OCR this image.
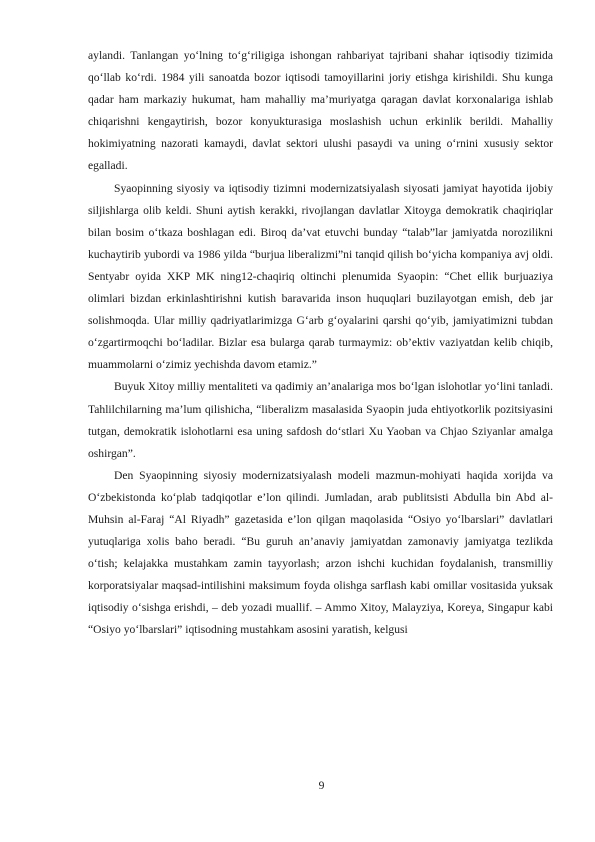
aylandi. Tanlangan yo‘lning to‘g‘riligiga ishongan rahbariyat tajribani shahar iqtisodiy tizimida qo‘llab ko‘rdi. 1984 yili sanoatda bozor iqtisodi tamoyillarini joriy etishga kirishildi. Shu kunga qadar ham markaziy hukumat, ham mahalliy ma’muriyatga qaragan davlat korxonalariga ishlab chiqarishni kengaytirish, bozor konyukturasiga moslashish uchun erkinlik berildi. Mahalliy hokimiyatning nazorati kamaydi, davlat sektori ulushi pasaydi va uning o‘rnini xususiy sektor egalladi.

Syaopinning siyosiy va iqtisodiy tizimni modernizatsiyalash siyosati jamiyat hayotida ijobiy siljishlarga olib keldi. Shuni aytish kerakki, rivojlangan davlatlar Xitoyga demokratik chaqiriqlar bilan bosim o‘tkaza boshlagan edi. Biroq da’vat etuvchi bunday “talab”lar jamiyatda norozilikni kuchaytirib yubordi va 1986 yilda “burjua liberalizmi”ni tanqid qilish bo‘yicha kompaniya avj oldi. Sentyabr oyida XKP MK ning12-chaqiriq oltinchi plenumida Syaopin: “Chet ellik burjuaziya olimlari bizdan erkinlashtirishni kutish baravarida inson huquqlari buzilayotgan emish, deb jar solishmoqda. Ular milliy qadriyatlarimizga G‘arb g‘oyalarini qarshi qo‘yib, jamiyatimizni tubdan o‘zgartirmoqchi bo‘ladilar. Bizlar esa bularga qarab turmaymiz: ob’ektiv vaziyatdan kelib chiqib, muammolarni o‘zimiz yechishda davom etamiz.”

Buyuk Xitoy milliy mentaliteti va qadimiy an’analariga mos bo‘lgan islohotlar yo‘lini tanladi. Tahlilchilarning ma’lum qilishicha, “liberalizm masalasida Syaopin juda ehtiyotkorlik pozitsiyasini tutgan, demokratik islohotlarni esa uning safdosh do‘stlari Xu Yaoban va Chjao Sziyanlar amalga oshirgan”.

Den Syaopinning siyosiy modernizatsiyalash modeli mazmun-mohiyati haqida xorijda va O‘zbekistonda ko‘plab tadqiqotlar e’lon qilindi. Jumladan, arab publitsisti Abdulla bin Abd al-Muhsin al-Faraj “Al Riyadh” gazetasida e’lon qilgan maqolasida “Osiyo yo‘lbarslari” davlatlari yutuqlariga xolis baho beradi. “Bu guruh an’anaviy jamiyatdan zamonaviy jamiyatga tezlikda o‘tish; kelajakka mustahkam zamin tayyorlash; arzon ishchi kuchidan foydalanish, transmilliy korporatsiyalar maqsad-intilishini maksimum foyda olishga sarflash kabi omillar vositasida yuksak iqtisodiy o‘sishga erishdi, – deb yozadi muallif. – Ammo Xitoy, Malayziya, Koreya, Singapur kabi “Osiyo yo‘lbarslari” iqtisodning mustahkam asosini yaratish, kelgusi

9
